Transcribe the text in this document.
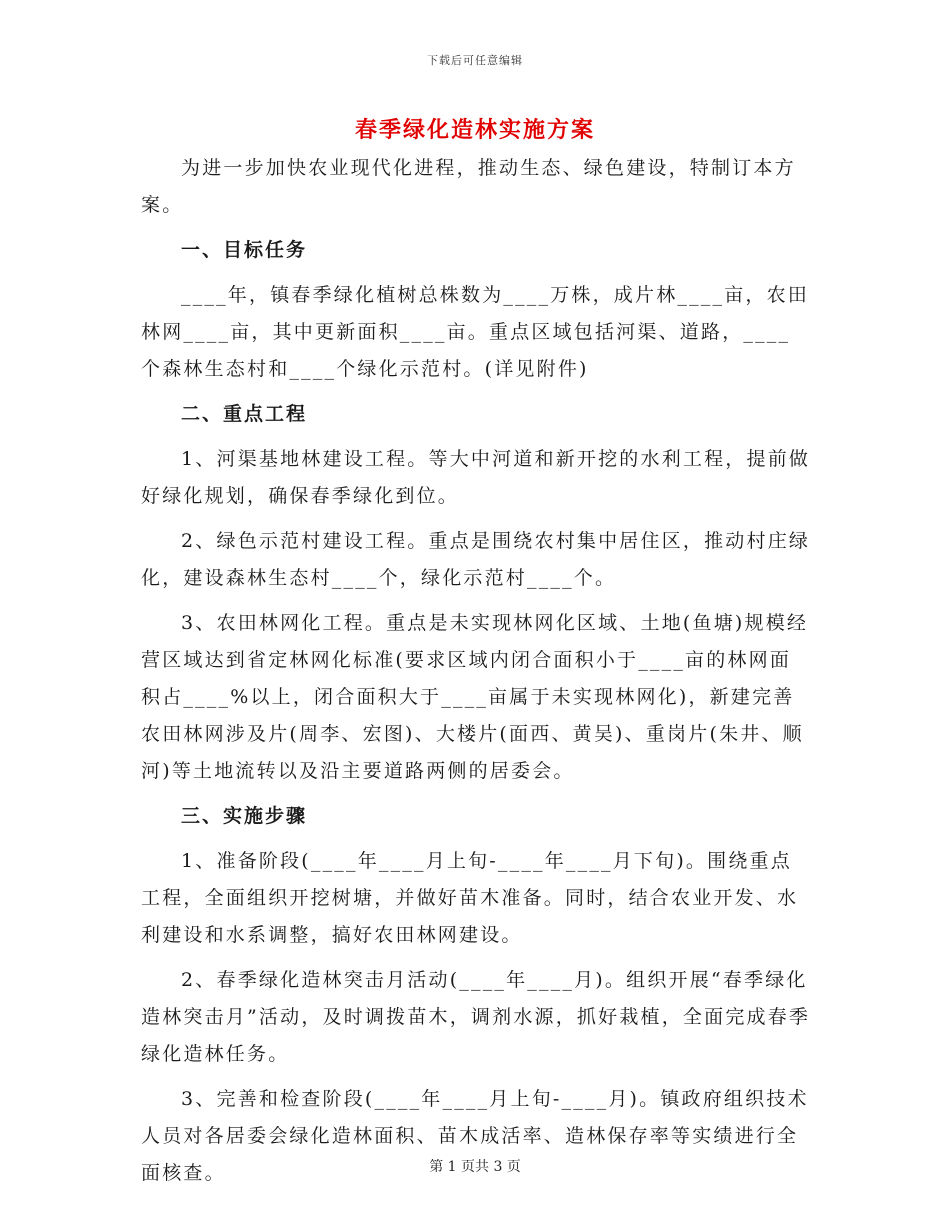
下载后可任意编辑
春季绿化造林实施方案

为进一步加快农业现代化进程，推动生态、绿色建设，特制订本方案。

一、目标任务

____年，镇春季绿化植树总株数为____万株，成片林____亩，农田林网____亩，其中更新面积____亩。重点区域包括河渠、道路，____个森林生态村和____个绿化示范村。(详见附件)

二、重点工程

1、河渠基地林建设工程。等大中河道和新开挖的水利工程，提前做好绿化规划，确保春季绿化到位。

2、绿色示范村建设工程。重点是围绕农村集中居住区，推动村庄绿化，建设森林生态村____个，绿化示范村____个。

3、农田林网化工程。重点是未实现林网化区域、土地(鱼塘)规模经营区域达到省定林网化标准(要求区域内闭合面积小于____亩的林网面积占____%以上，闭合面积大于____亩属于未实现林网化)，新建完善农田林网涉及片(周李、宏图)、大楼片(面西、黄吴)、重岗片(朱井、顺河)等土地流转以及沿主要道路两侧的居委会。

三、实施步骤

1、准备阶段(____年____月上旬-____年____月下旬)。围绕重点工程，全面组织开挖树塘，并做好苗木准备。同时，结合农业开发、水利建设和水系调整，搞好农田林网建设。

2、春季绿化造林突击月活动(____年____月)。组织开展“春季绿化造林突击月”活动，及时调拨苗木，调剂水源，抓好栽植，全面完成春季绿化造林任务。

3、完善和检查阶段(____年____月上旬-____月)。镇政府组织技术人员对各居委会绿化造林面积、苗木成活率、造林保存率等实绩进行全面核查。	第 1 页共 3 页
